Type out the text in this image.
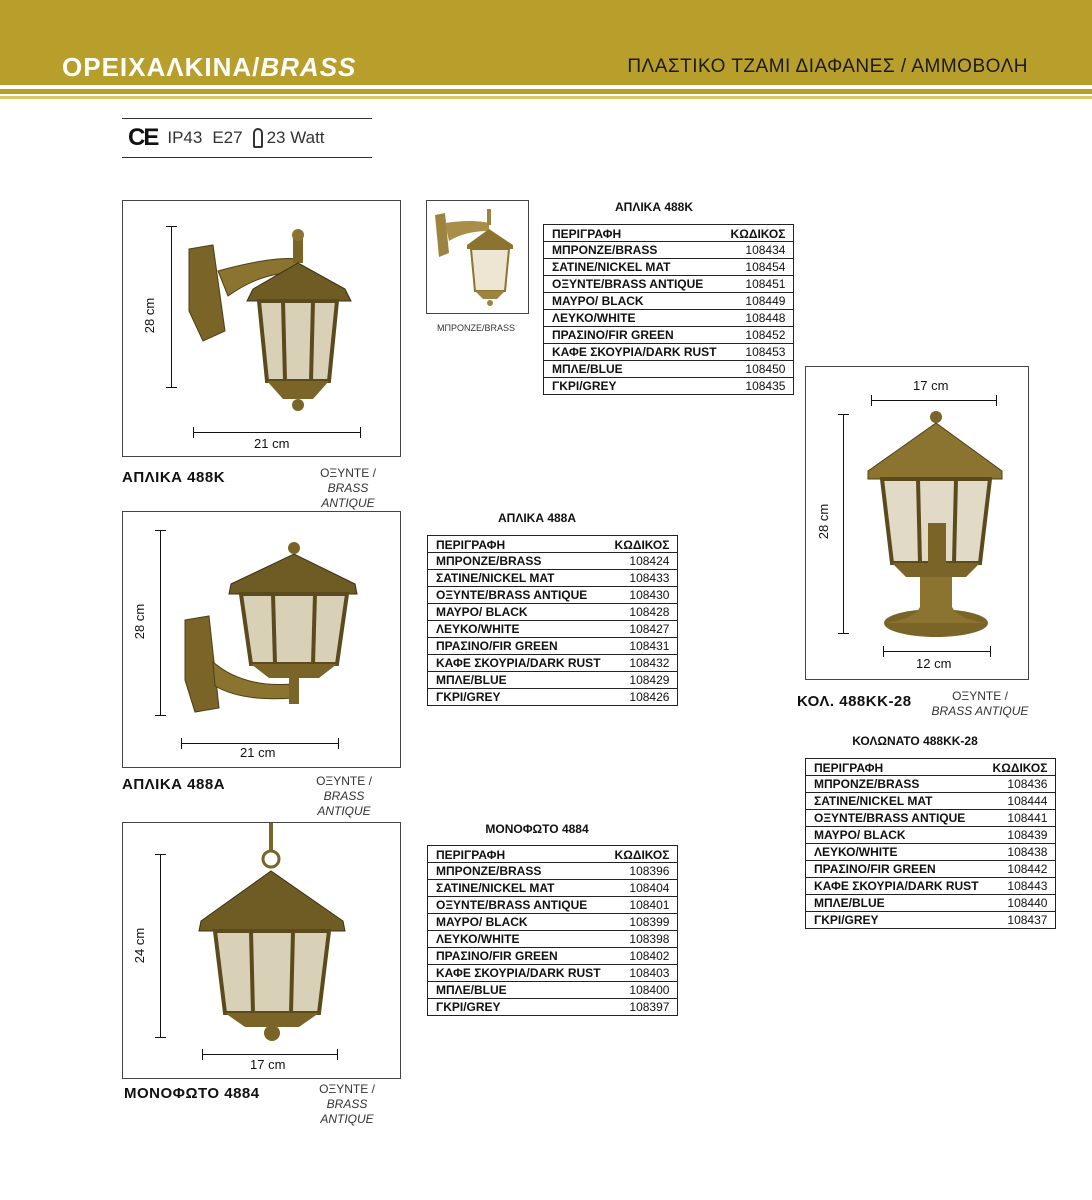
ΟΡΕΙΧΑΛΚΙΝΑ/BRASS	ΠΛΑΣΤΙΚΟ ΤΖΑΜΙ ΔΙΑΦΑΝΕΣ / ΑΜΜΟΒΟΛΗ
CE IP43 E27 23 Watt
28 cm
21 cm
ΑΠΛΙΚΑ 488Κ	ΟΞΥΝΤΕ /
BRASS ANTIQUE
ΜΠΡΟΝΖΕ/BRASS
ΑΠΛΙΚΑ 488Κ
ΠΕΡΙΓΡΑΦΗ	ΚΩΔΙΚΟΣ
ΜΠΡΟΝΖΕ/BRASS	108434
ΣΑΤΙΝΕ/NICKEL MAT	108454
ΟΞΥΝΤΕ/BRASS ANTIQUE	108451
ΜΑΥΡΟ/ BLACK	108449
ΛΕΥΚΟ/WHITE	108448
ΠΡΑΣΙΝΟ/FIR GREEN	108452
ΚΑΦΕ ΣΚΟΥΡΙΑ/DARK RUST	108453
ΜΠΛΕ/BLUE	108450
ΓΚΡΙ/GREY	108435
28 cm
21 cm
ΑΠΛΙΚΑ 488Α	ΟΞΥΝΤΕ /
BRASS ANTIQUE
ΑΠΛΙΚΑ 488Α
ΠΕΡΙΓΡΑΦΗ	ΚΩΔΙΚΟΣ
ΜΠΡΟΝΖΕ/BRASS	108424
ΣΑΤΙΝΕ/NICKEL MAT	108433
ΟΞΥΝΤΕ/BRASS ANTIQUE	108430
ΜΑΥΡΟ/ BLACK	108428
ΛΕΥΚΟ/WHITE	108427
ΠΡΑΣΙΝΟ/FIR GREEN	108431
ΚΑΦΕ ΣΚΟΥΡΙΑ/DARK RUST	108432
ΜΠΛΕ/BLUE	108429
ΓΚΡΙ/GREY	108426
24 cm
17 cm
ΜΟΝΟΦΩΤΟ 4884	ΟΞΥΝΤΕ /
BRASS ANTIQUE
ΜΟΝΟΦΩΤΟ 4884
ΠΕΡΙΓΡΑΦΗ	ΚΩΔΙΚΟΣ
ΜΠΡΟΝΖΕ/BRASS	108396
ΣΑΤΙΝΕ/NICKEL MAT	108404
ΟΞΥΝΤΕ/BRASS ANTIQUE	108401
ΜΑΥΡΟ/ BLACK	108399
ΛΕΥΚΟ/WHITE	108398
ΠΡΑΣΙΝΟ/FIR GREEN	108402
ΚΑΦΕ ΣΚΟΥΡΙΑ/DARK RUST	108403
ΜΠΛΕ/BLUE	108400
ΓΚΡΙ/GREY	108397
17 cm
28 cm
12 cm
ΚΟΛ. 488ΚΚ-28	ΟΞΥΝΤΕ /
BRASS ANTIQUE
ΚΟΛΩΝΑΤΟ 488ΚΚ-28
ΠΕΡΙΓΡΑΦΗ	ΚΩΔΙΚΟΣ
ΜΠΡΟΝΖΕ/BRASS	108436
ΣΑΤΙΝΕ/NICKEL MAT	108444
ΟΞΥΝΤΕ/BRASS ANTIQUE	108441
ΜΑΥΡΟ/ BLACK	108439
ΛΕΥΚΟ/WHITE	108438
ΠΡΑΣΙΝΟ/FIR GREEN	108442
ΚΑΦΕ ΣΚΟΥΡΙΑ/DARK RUST	108443
ΜΠΛΕ/BLUE	108440
ΓΚΡΙ/GREY	108437
